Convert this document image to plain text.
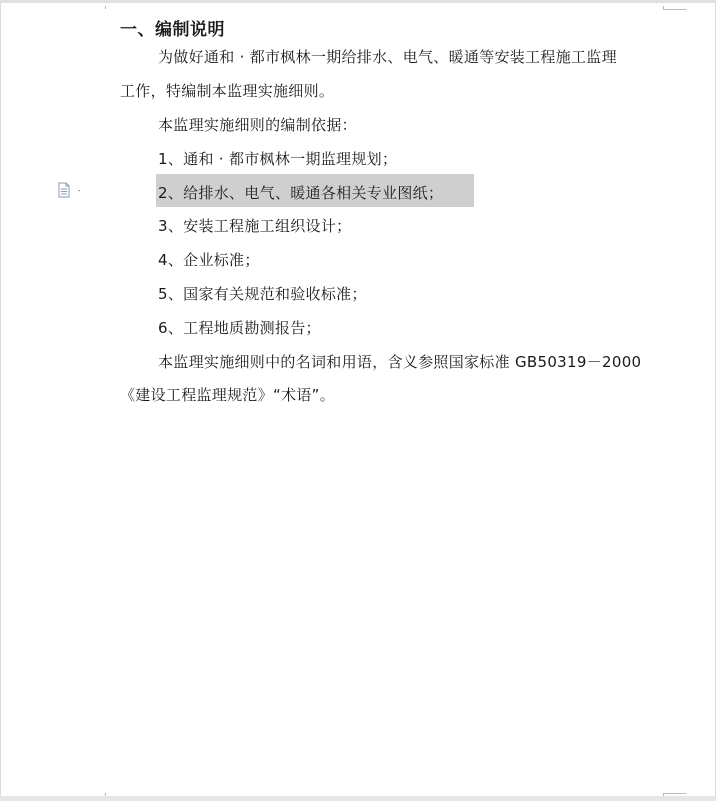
一、编制说明
为做好通和 · 都市枫林一期给排水、电气、暖通等安装工程施工监理
工作，特编制本监理实施细则。
本监理实施细则的编制依据：
1、通和 · 都市枫林一期监理规划；
2、给排水、电气、暖通各相关专业图纸；
3、安装工程施工组织设计；
4、企业标准；
5、国家有关规范和验收标准；
6、工程地质勘测报告；
本监理实施细则中的名词和用语，含义参照国家标准 GB50319－2000
《建设工程监理规范》“术语”。
